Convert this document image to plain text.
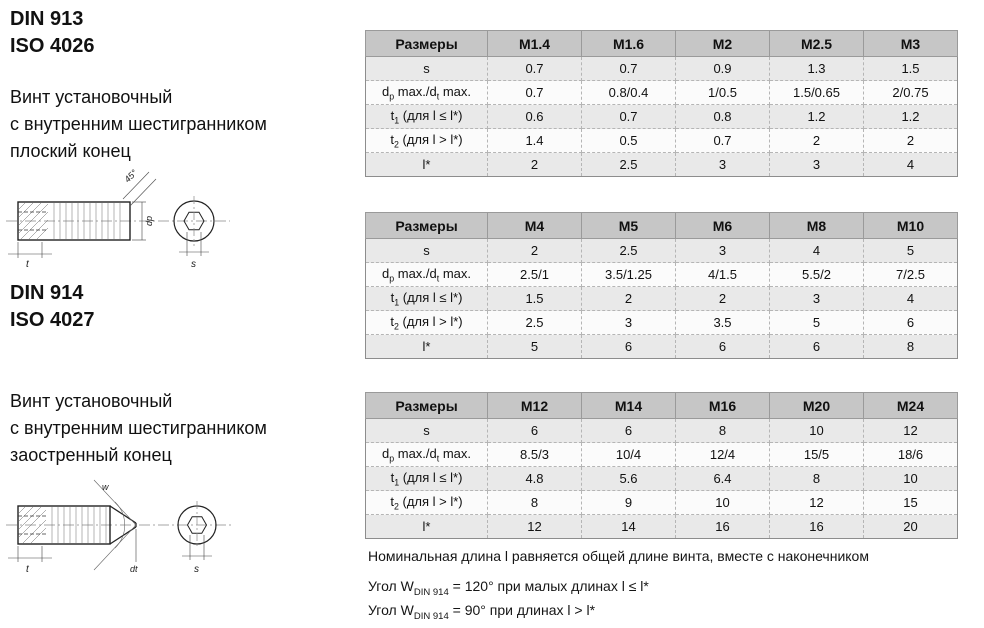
DIN 913
ISO 4026
Винт установочный
с внутренним шестигранником
плоский конец
45°
t
dp
s
DIN 914
ISO 4027
Винт установочный
с внутренним шестигранником
заостренный конец
w
t	dt	s
Размеры	M1.4	M1.6	M2	M2.5	M3
s	0.7	0.7	0.9	1.3	1.5
$d_p$ $\max./d_t$ max.	0.7	0.8/0.4	1/0.5	1.5/0.65	2/0.75
$t_1$ (для l ≤ l*)	0.6	0.7	0.8	1.2	1.2
$t_2$ (для l > l*)	1.4	0.5	0.7	2	2
l*	2	2.5	3	3	4
Размеры	M4	M5	M6	M8	M10
s	2	2.5	3	4	5
$d_p$ $\max./d_t$ max.	2.5/1	3.5/1.25	4/1.5	5.5/2	7/2.5
$t_1$ (для l ≤ l*)	1.5	2	2	3	4
$t_2$ (для l > l*)	2.5	3	3.5	5	6
l*	5	6	6	6	8
Размеры	M12	M14	M16	M20	M24
s	6	6	8	10	12
$d_p$ $\max./d_t$ max.	8.5/3	10/4	12/4	15/5	18/6
$t_1$ (для l ≤ l*)	4.8	5.6	6.4	8	10
$t_2$ (для l > l*)	8	9	10	12	15
l*	12	14	16	16	20
Номинальная длина l равняется общей длине винта, вместе с наконечником
Угол $W_{DIN 914} = 120^\circ$ при малых длинах l ≤ l*
Угол $W_{DIN 914} = 90^\circ$ при длинах l > l*
